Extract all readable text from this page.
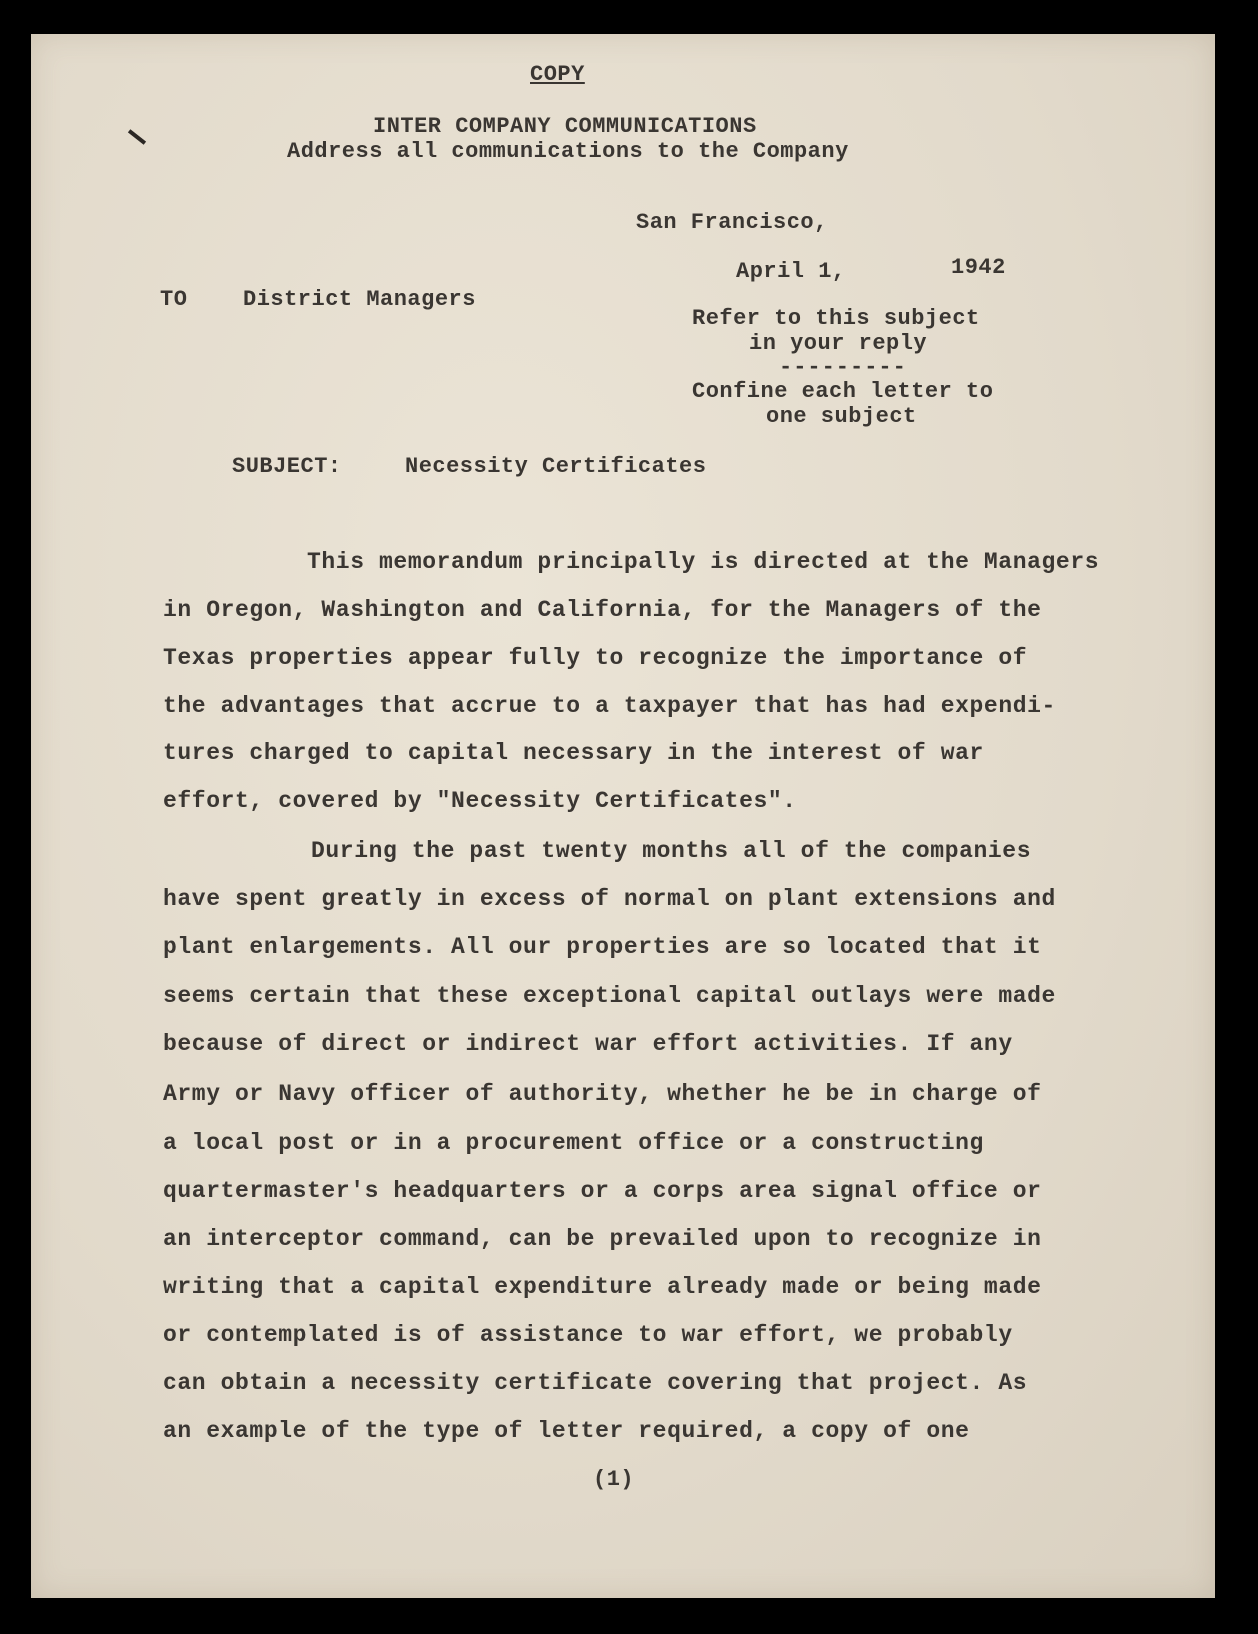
COPY
INTER COMPANY COMMUNICATIONS
Address all communications to the Company
San Francisco,
April 1,	1942
TO	District Managers
Refer to this subject
in your reply
---------
Confine each letter to
one subject
SUBJECT:	Necessity Certificates
This memorandum principally is directed at the Managers
in Oregon, Washington and California, for the Managers of the
Texas properties appear fully to recognize the importance of
the advantages that accrue to a taxpayer that has had expendi-
tures charged to capital necessary in the interest of war
effort, covered by "Necessity Certificates".
During the past twenty months all of the companies
have spent greatly in excess of normal on plant extensions and
plant enlargements. All our properties are so located that it
seems certain that these exceptional capital outlays were made
because of direct or indirect war effort activities. If any
Army or Navy officer of authority, whether he be in charge of
a local post or in a procurement office or a constructing
quartermaster's headquarters or a corps area signal office or
an interceptor command, can be prevailed upon to recognize in
writing that a capital expenditure already made or being made
or contemplated is of assistance to war effort, we probably
can obtain a necessity certificate covering that project. As
an example of the type of letter required, a copy of one
(1)
